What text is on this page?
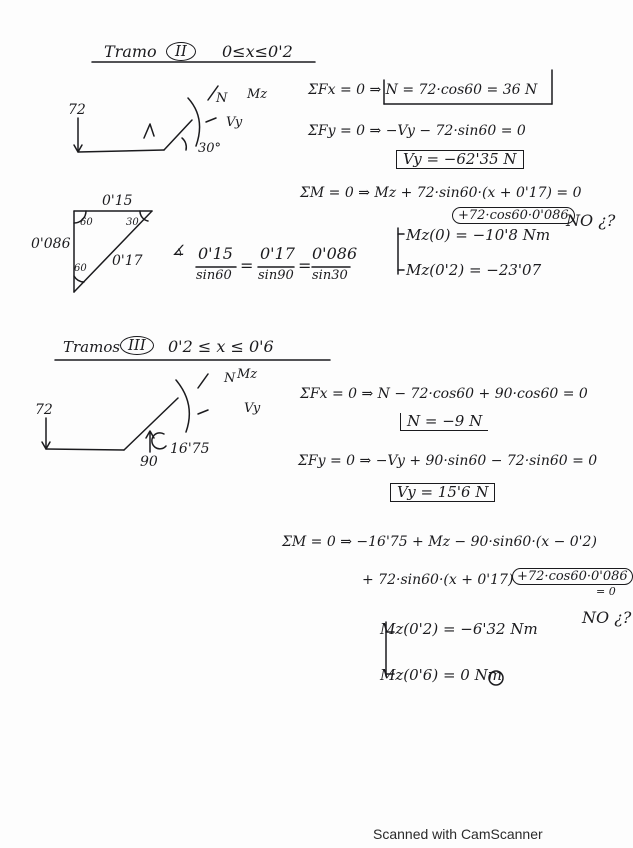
Tramo	II	0≤x≤0'2
72
30°
N Mz
Vy
0'15
0'086
0'17
60	30
60
∡ 0'15
sin60
=
0'17
sin90
=
0'086
sin30
ΣFx = 0 ⇒ N = 72·cos60 = 36 N
ΣFy = 0 ⇒ −Vy − 72·sin60 = 0
Vy = −62'35 N
ΣM = 0 ⇒ Mz + 72·sin60·(x + 0'17) = 0
+72·cos60·0'086
NO ¿?
Mz(0) = −10'8 Nm
Mz(0'2) = −23'07
Tramos III	0'2 ≤ x ≤ 0'6
72
90
16'75
N Mz
Vy
ΣFx = 0 ⇒ N − 72·cos60 + 90·cos60 = 0
N = −9 N
ΣFy = 0 ⇒ −Vy + 90·sin60 − 72·sin60 = 0
Vy = 15'6 N
ΣM = 0 ⇒ −16'75 + Mz − 90·sin60·(x − 0'2)
+ 72·sin60·(x + 0'17) +72·cos60·0'086
= 0
NO ¿?
Mz(0'2) = −6'32 Nm
Mz(0'6) = 0 Nm
Scanned with CamScanner
